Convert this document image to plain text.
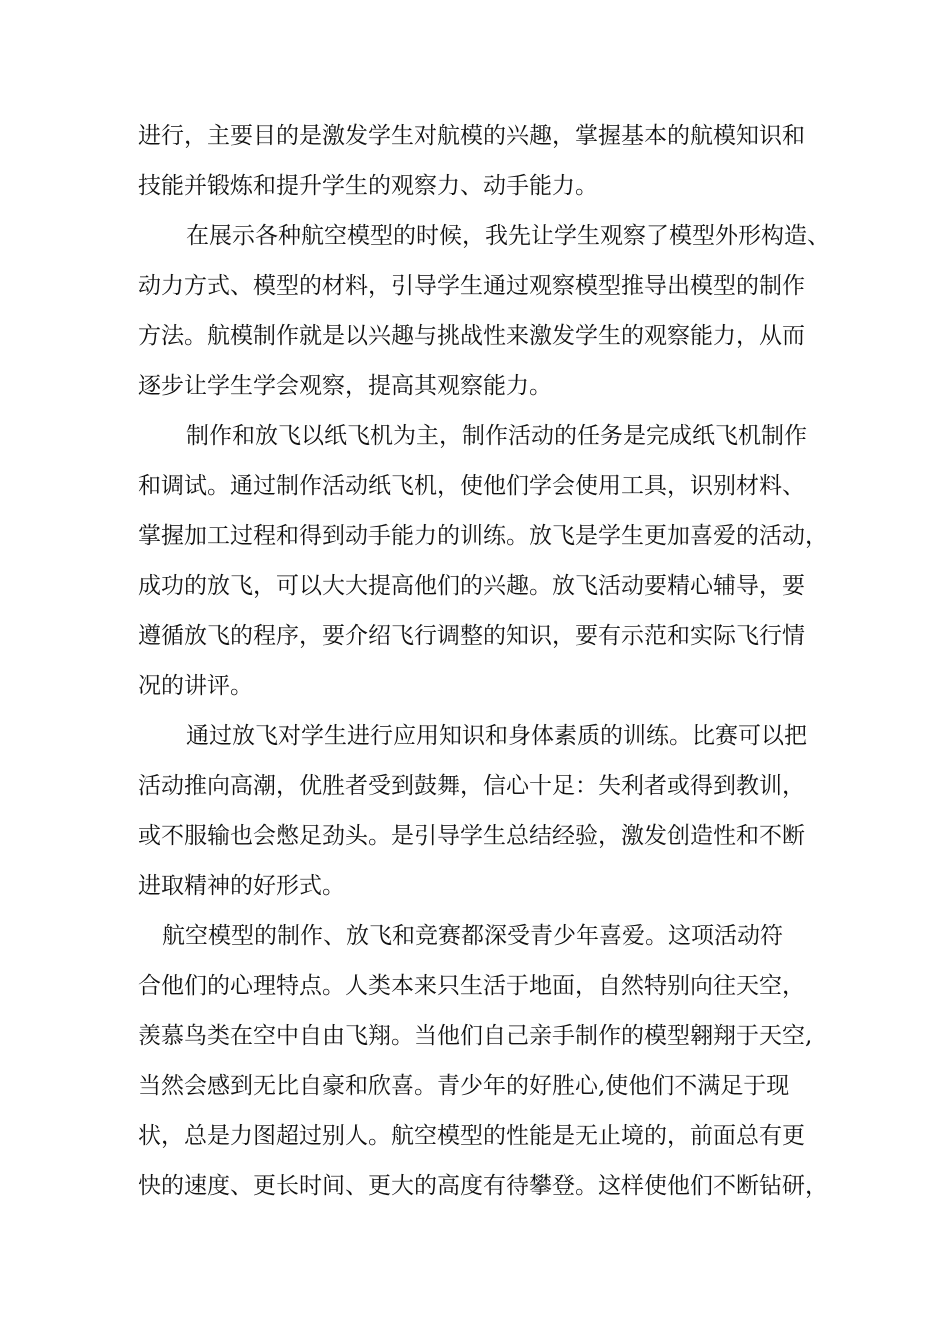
进行，主要目的是激发学生对航模的兴趣，掌握基本的航模知识和
技能并锻炼和提升学生的观察力、动手能力。
在展示各种航空模型的时候，我先让学生观察了模型外形构造、
动力方式、模型的材料，引导学生通过观察模型推导出模型的制作
方法。航模制作就是以兴趣与挑战性来激发学生的观察能力，从而
逐步让学生学会观察，提高其观察能力。
制作和放飞以纸飞机为主，制作活动的任务是完成纸飞机制作
和调试。通过制作活动纸飞机，使他们学会使用工具，识别材料、
掌握加工过程和得到动手能力的训练。放飞是学生更加喜爱的活动，
成功的放飞，可以大大提高他们的兴趣。放飞活动要精心辅导，要
遵循放飞的程序，要介绍飞行调整的知识，要有示范和实际飞行情
况的讲评。
通过放飞对学生进行应用知识和身体素质的训练。比赛可以把
活动推向高潮，优胜者受到鼓舞，信心十足：失利者或得到教训，
或不服输也会憋足劲头。是引导学生总结经验，激发创造性和不断
进取精神的好形式。
航空模型的制作、放飞和竞赛都深受青少年喜爱。这项活动符
合他们的心理特点。人类本来只生活于地面，自然特别向往天空，
羡慕鸟类在空中自由飞翔。当他们自己亲手制作的模型翱翔于天空,
当然会感到无比自豪和欣喜。青少年的好胜心,使他们不满足于现
状，总是力图超过别人。航空模型的性能是无止境的，前面总有更
快的速度、更长时间、更大的高度有待攀登。这样使他们不断钻研，
